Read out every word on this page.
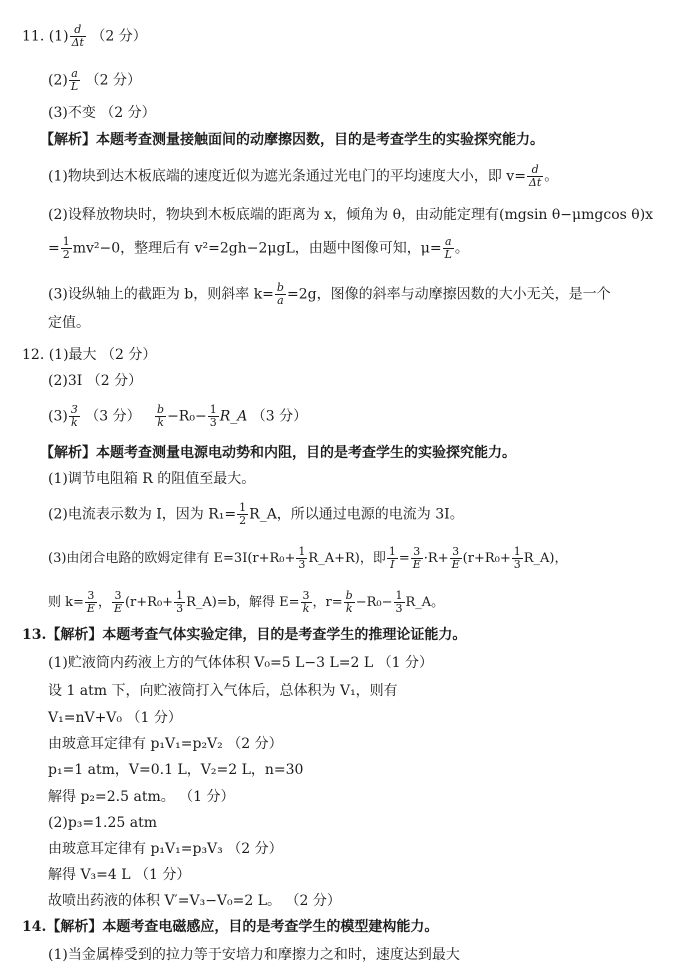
11. $(1) \frac{d}{\Delta t} (2$ 分）
$(2) \frac{a}{L} (2$ 分）
(3)不变 （2 分）
【解析】本题考查测量接触面间的动摩擦因数，目的是考查学生的实验探究能力。
(1)物块到达木板底端的速度近似为遮光条通过光电门的平均速度大小，即 $v= \frac{d}{\Delta t}$ 。
(2)设释放物块时，物块到木板底端的距离为 x，倾角为 θ，由动能定理有(mgsin θ−μmgcos θ)x
= $\frac{1}{2} mv^2-0$，整理后有 v²=2gh−2μgL，由题中图像可知，$\mu= \frac{a}{L}$ 。
(3)设纵轴上的截距为 b，则斜率 $k= \frac{b}{a} =2g$，图像的斜率与动摩擦因数的大小无关，是一个
定值。
12. (1)最大 （2 分）
(2)3I （2 分）
$(3) \frac{3}{k} (3$ 分） $\frac{b}{k} -R_0- \frac{1}{3}$ R_A （3 分）
【解析】本题考查测量电源电动势和内阻，目的是考查学生的实验探究能力。
(1)调节电阻箱 R 的阻值至最大。
(2)电流表示数为 I，因为 $R_1= \frac{1}{2}$ R_A，所以通过电源的电流为 3I。
(3)由闭合电路的欧姆定律有 $E=3I(r+R_0+ \frac{1}{3}$ R_A+R)，即 $\frac{1}{I} = \frac{3}{E} \cdot R+ \frac{3}{E} (r+R_0+ \frac{1}{3}$ R_A)，
则 $k= \frac{3}{E}$ ， $\frac{3}{E} (r+R_0+ \frac{1}{3}$ R_A)=b，解得 $E= \frac{3}{k}$ ，$r= \frac{b}{k} -R_0- \frac{1}{3}$ R_A。
13.【解析】本题考查气体实验定律，目的是考查学生的推理论证能力。
(1)贮液筒内药液上方的气体体积 V₀=5 L−3 L=2 L （1 分）
设 1 atm 下，向贮液筒打入气体后，总体积为 V₁，则有
V₁=nV+V₀ （1 分）
由玻意耳定律有 p₁V₁=p₂V₂ （2 分）
p₁=1 atm，V=0.1 L，V₂=2 L，n=30
解得 p₂=2.5 atm。 （1 分）
(2)p₃=1.25 atm
由玻意耳定律有 p₁V₁=p₃V₃ （2 分）
解得 V₃=4 L （1 分）
故喷出药液的体积 V′=V₃−V₀=2 L。 （2 分）
14.【解析】本题考查电磁感应，目的是考查学生的模型建构能力。
(1)当金属棒受到的拉力等于安培力和摩擦力之和时，速度达到最大
